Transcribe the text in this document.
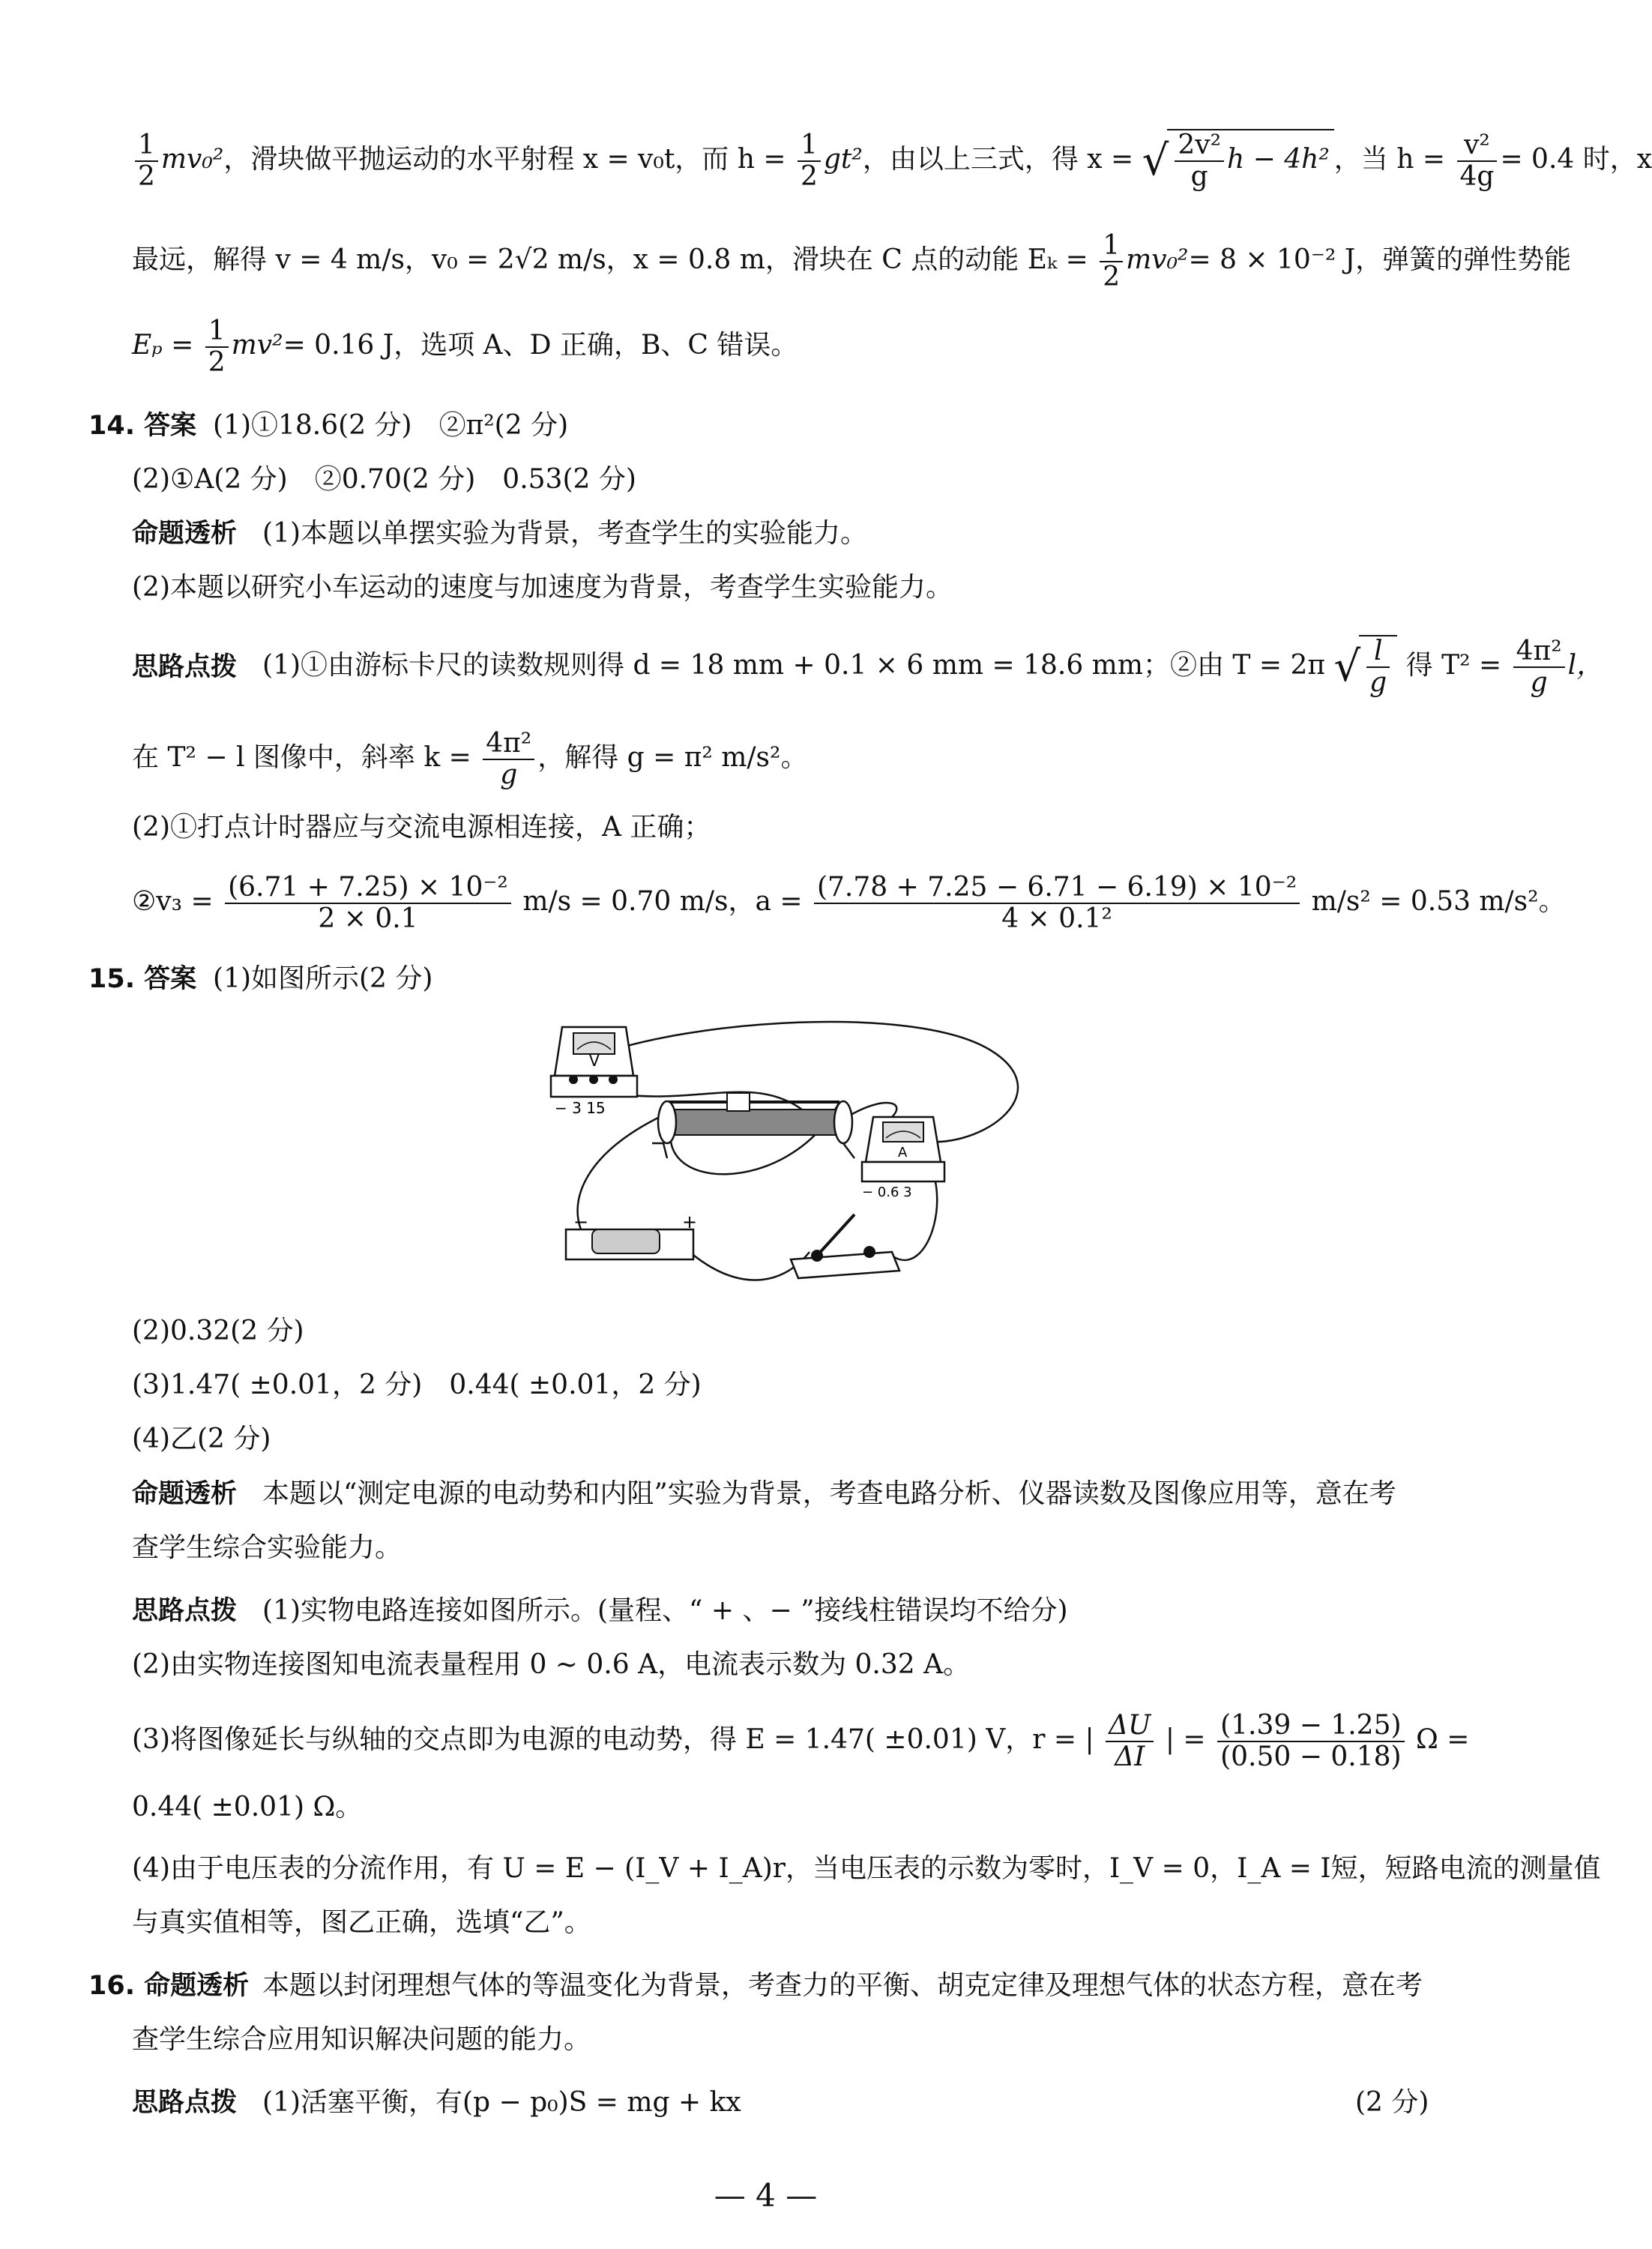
$\frac{1}{2} mv_0^2$，滑块做平抛运动的水平射程 x = v₀t，而 $h = \frac{1}{2} gt^2$，由以上三式，得 x = √ $\frac{\text{2v²}}{g}$ h − 4h² ，当 $h = \frac{\text{v²}}{4g} = 0.4$ 时，x
最远，解得 v = 4 m/s，v₀ = 2√2 m/s，x = 0.8 m，滑块在 C 点的动能 $E_k = \frac{1}{2} mv_0^2= 8 \times 10^{-2}$ J，弹簧的弹性势能
$E_p = \frac{1}{2} mv^2= 0.16$ J，选项 A、D 正确，B、C 错误。
14. 答案 (1)①18.6(2 分)　②π²(2 分)
(2)①A(2 分)　②0.70(2 分)　0.53(2 分)
命题透析 (1)本题以单摆实验为背景，考查学生的实验能力。
(2)本题以研究小车运动的速度与加速度为背景，考查学生实验能力。
思路点拨 (1)①由游标卡尺的读数规则得 d = 18 mm + 0.1 × 6 mm = 18.6 mm；②由 T = 2π √ $\frac{l}{g}$ 得 $T^2 = \frac{\text{4π²}}{g}$ l，
在 T² − l 图像中，斜率 $k = \frac{\text{4π²}}{g}$ ，解得 g = π² m/s²。
(2)①打点计时器应与交流电源相连接，A 正确；
②v₃ = $\frac{\text{(6.71 + 7.25) × 10⁻²}}{2 \times 0.1} m/s = 0.70$ m/s，$a = \frac{\text{(7.78 + 7.25 − 6.71 − 6.19) × 10⁻²}}{\text{4 × 0.1²}} m/s^2 = 0.53$ m/s²。
15. 答案 (1)如图所示(2 分)
V
− 3 15
A
− 0.6 3
−	+
(2)0.32(2 分)
(3)1.47( ±0.01，2 分)　0.44( ±0.01，2 分)
(4)乙(2 分)
命题透析 本题以“测定电源的电动势和内阻”实验为背景，考查电路分析、仪器读数及图像应用等，意在考
查学生综合实验能力。
思路点拨 (1)实物电路连接如图所示。(量程、“ + 、− ”接线柱错误均不给分)
(2)由实物连接图知电流表量程用 0 ~ 0.6 A，电流表示数为 0.32 A。
(3)将图像延长与纵轴的交点即为电源的电动势，得 E = 1.47( ±0.01) V，r = | $\frac{\Delta U}{\Delta I}$ | = $\frac{(1.39 - 1.25)}{(0.50 - 0.18)}$ Ω =
0.44( ±0.01) Ω。
(4)由于电压表的分流作用，有 U = E − (I_V + I_A)r，当电压表的示数为零时，I_V = 0，I_A = I短，短路电流的测量值
与真实值相等，图乙正确，选填“乙”。
16. 命题透析 本题以封闭理想气体的等温变化为背景，考查力的平衡、胡克定律及理想气体的状态方程，意在考
查学生综合应用知识解决问题的能力。
思路点拨 (1)活塞平衡，有(p − p₀)S = mg + kx	(2 分)
— 4 —
